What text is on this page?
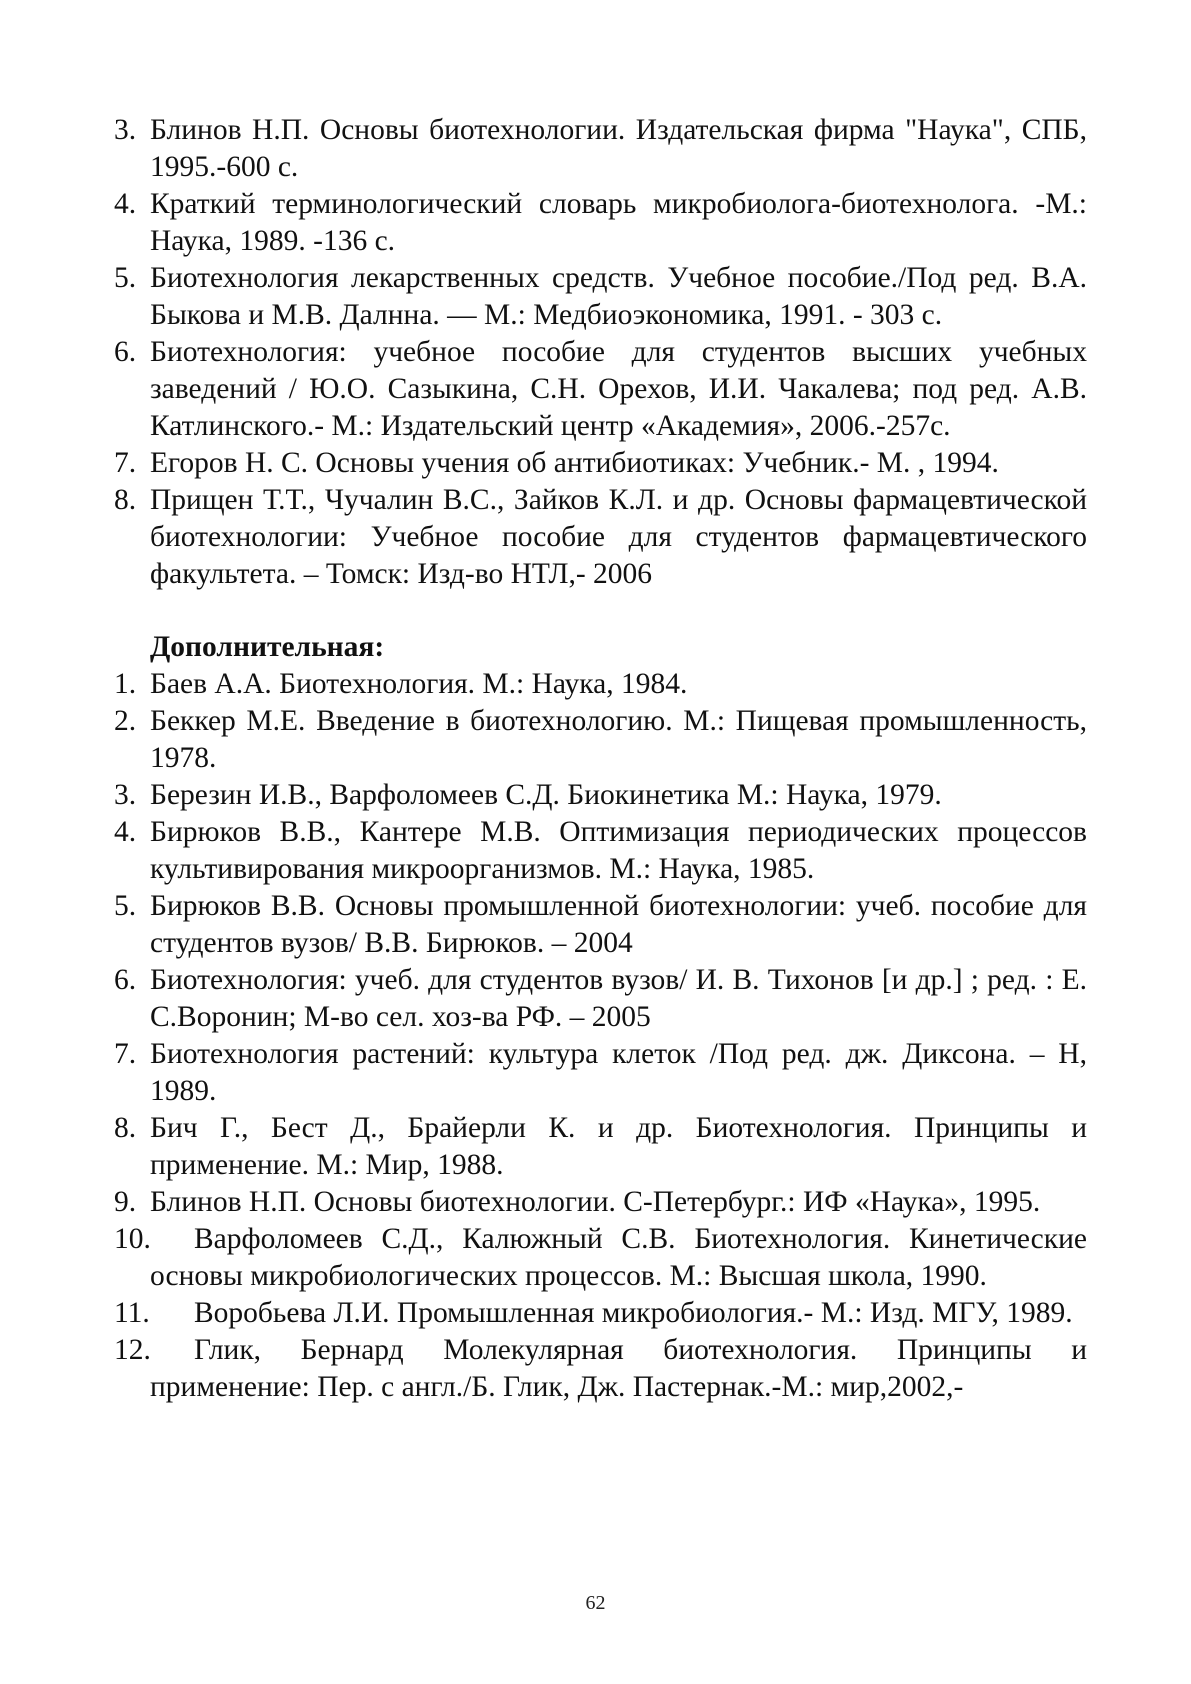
3. Блинов Н.П. Основы биотехнологии. Издательская фирма "Наука", СПБ, 1995.-600 с.
4. Краткий терминологический словарь микробиолога-биотехнолога. -М.: Наука, 1989. -136 с.
5. Биотехнология лекарственных средств. Учебное пособие./Под ред. В.А. Быкова и М.В. Далнна. — М.: Медбиоэкономика, 1991. - 303 с.
6. Биотехнология: учебное пособие для студентов высших учебных заведений / Ю.О. Сазыкина, С.Н. Орехов, И.И. Чакалева; под ред. А.В. Катлинского.- М.: Издательский центр «Академия», 2006.-257с.
7. Егоров Н. С. Основы учения об антибиотиках: Учебник.- М. , 1994.
8. Прищен Т.Т., Чучалин В.С., Зайков К.Л. и др. Основы фармацевтической биотехнологии: Учебное пособие для студентов фармацевтического факультета. – Томск: Изд-во НТЛ,- 2006
Дополнительная:
1. Баев А.А. Биотехнология. М.: Наука, 1984.
2. Беккер М.Е. Введение в биотехнологию. М.: Пищевая промышленность, 1978.
3. Березин И.В., Варфоломеев С.Д. Биокинетика М.: Наука, 1979.
4. Бирюков В.В., Кантере М.В. Оптимизация периодических процессов культивирования микроорганизмов. М.: Наука, 1985.
5. Бирюков В.В. Основы промышленной биотехнологии: учеб. пособие для студентов вузов/ В.В. Бирюков. – 2004
6. Биотехнология: учеб. для студентов вузов/ И. В. Тихонов [и др.] ; ред. : Е. С.Воронин; М-во сел. хоз-ва РФ. – 2005
7. Биотехнология растений: культура клеток /Под ред. дж. Диксона. – Н, 1989.
8. Бич Г., Бест Д., Брайерли К. и др. Биотехнология. Принципы и применение. М.: Мир, 1988.
9. Блинов Н.П. Основы биотехнологии. С-Петербург.: ИФ «Наука», 1995.
10. Варфоломеев С.Д., Калюжный С.В. Биотехнология. Кинетические основы микробиологических процессов. М.: Высшая школа, 1990.
11. Воробьева Л.И. Промышленная микробиология.- М.: Изд. МГУ, 1989.
12. Глик, Бернард Молекулярная биотехнология. Принципы и применение: Пер. с англ./Б. Глик, Дж. Пастернак.-М.: мир,2002,-
62
